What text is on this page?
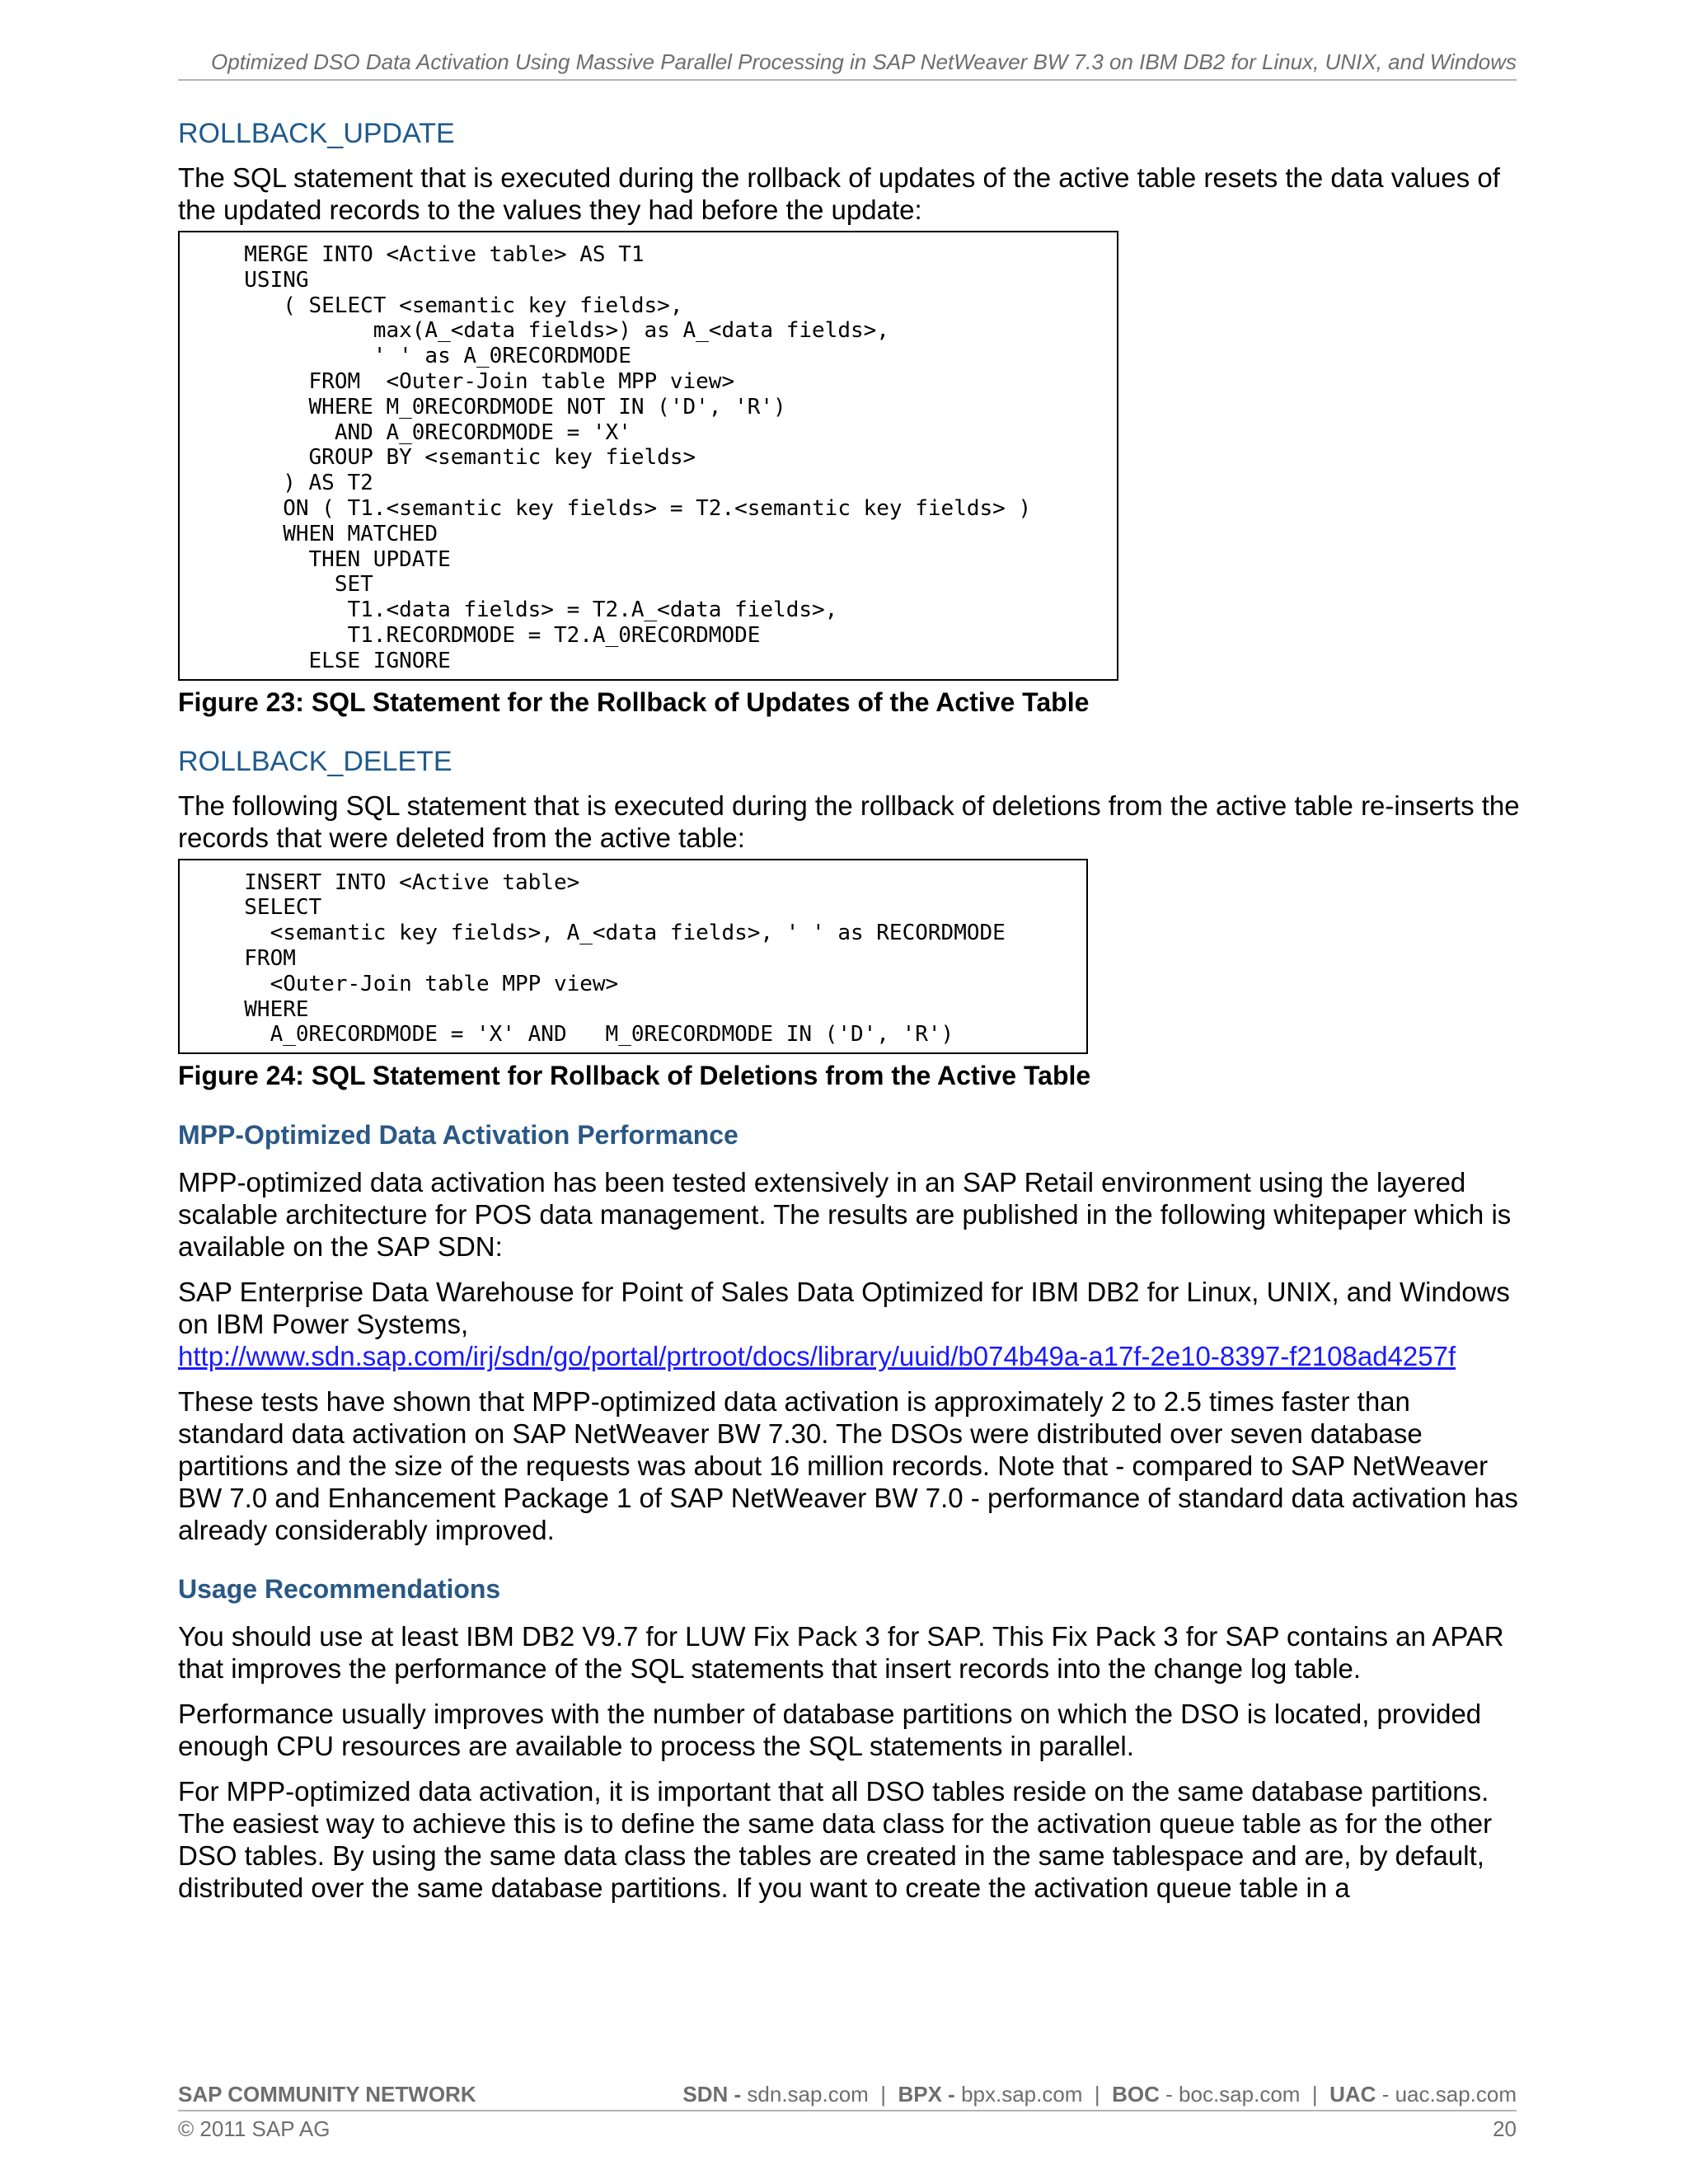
Optimized DSO Data Activation Using Massive Parallel Processing in SAP NetWeaver BW 7.3 on IBM DB2 for Linux, UNIX, and Windows
ROLLBACK_UPDATE

The SQL statement that is executed during the rollback of updates of the active table resets the data values of the updated records to the values they had before the update:

MERGE INTO <Active table> AS T1
USING
( SELECT <semantic key fields>,
max(A_<data fields>) as A_<data fields>,
' ' as A_0RECORDMODE
FROM  <Outer-Join table MPP view>
WHERE M_0RECORDMODE NOT IN ('D', 'R')
AND A_0RECORDMODE = 'X'
GROUP BY <semantic key fields>
) AS T2
ON ( T1.<semantic key fields> = T2.<semantic key fields> )
WHEN MATCHED
THEN UPDATE
SET
T1.<data fields> = T2.A_<data fields>,
T1.RECORDMODE = T2.A_0RECORDMODE
ELSE IGNORE

Figure 23: SQL Statement for the Rollback of Updates of the Active Table

ROLLBACK_DELETE

The following SQL statement that is executed during the rollback of deletions from the active table re-inserts the records that were deleted from the active table:

INSERT INTO <Active table>
SELECT
<semantic key fields>, A_<data fields>, ' ' as RECORDMODE
FROM
<Outer-Join table MPP view>
WHERE
A_0RECORDMODE = 'X' AND   M_0RECORDMODE IN ('D', 'R')

Figure 24: SQL Statement for Rollback of Deletions from the Active Table

MPP-Optimized Data Activation Performance

MPP-optimized data activation has been tested extensively in an SAP Retail environment using the layered scalable architecture for POS data management. The results are published in the following whitepaper which is available on the SAP SDN:

SAP Enterprise Data Warehouse for Point of Sales Data Optimized for IBM DB2 for Linux, UNIX, and Windows on IBM Power Systems,

http://www.sdn.sap.com/irj/sdn/go/portal/prtroot/docs/library/uuid/b074b49a-a17f-2e10-8397-f2108ad4257f

These tests have shown that MPP-optimized data activation is approximately 2 to 2.5 times faster than standard data activation on SAP NetWeaver BW 7.30. The DSOs were distributed over seven database partitions and the size of the requests was about 16 million records. Note that - compared to SAP NetWeaver BW 7.0 and Enhancement Package 1 of SAP NetWeaver BW 7.0 - performance of standard data activation has already considerably improved.

Usage Recommendations

You should use at least IBM DB2 V9.7 for LUW Fix Pack 3 for SAP. This Fix Pack 3 for SAP contains an APAR that improves the performance of the SQL statements that insert records into the change log table.

Performance usually improves with the number of database partitions on which the DSO is located, provided enough CPU resources are available to process the SQL statements in parallel.

For MPP-optimized data activation, it is important that all DSO tables reside on the same database partitions. The easiest way to achieve this is to define the same data class for the activation queue table as for the other DSO tables. By using the same data class the tables are created in the same tablespace and are, by default, distributed over the same database partitions. If you want to create the activation queue table in a

SAP COMMUNITY NETWORK	SDN - sdn.sap.com | BPX - bpx.sap.com | BOC - boc.sap.com | UAC - uac.sap.com
© 2011 SAP AG	20
